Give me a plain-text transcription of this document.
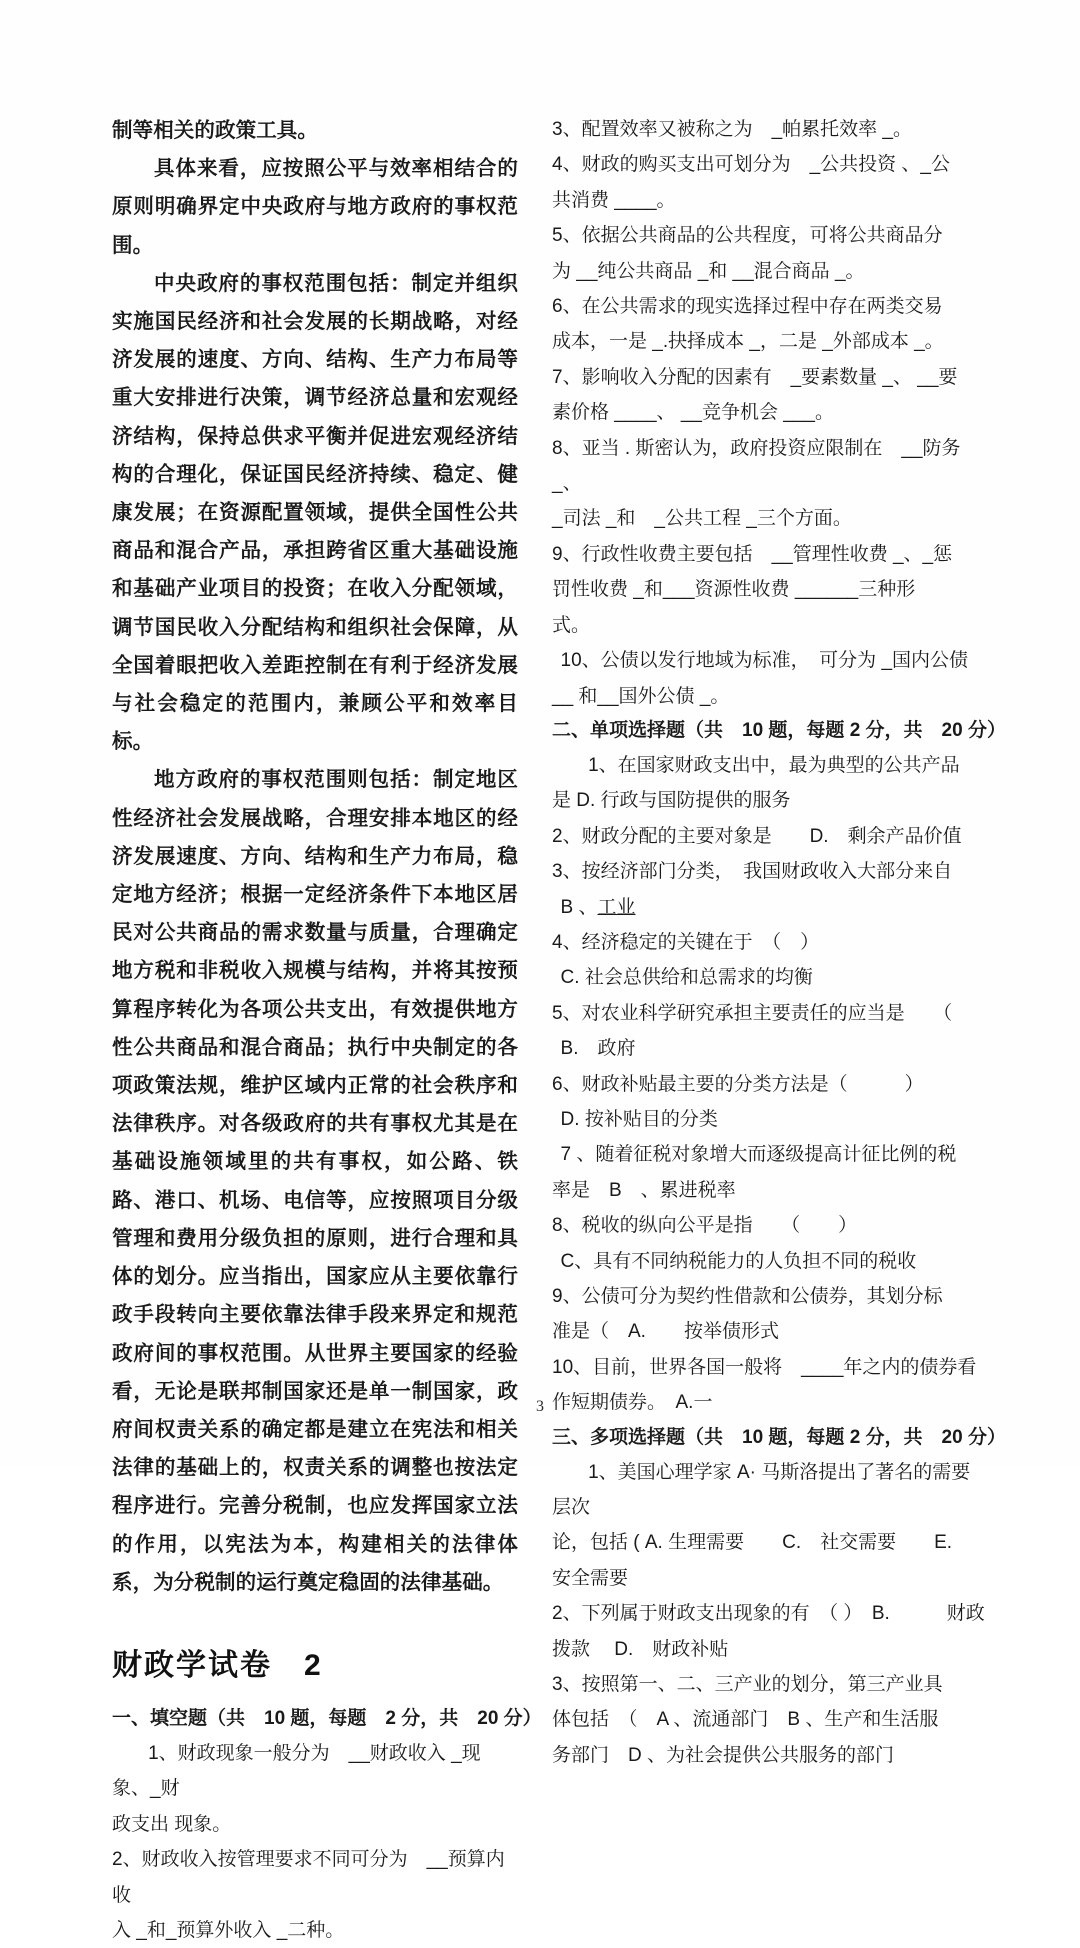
制等相关的政策工具。

具体来看，应按照公平与效率相结合的原则明确界定中央政府与地方政府的事权范围。

中央政府的事权范围包括：制定并组织实施国民经济和社会发展的长期战略，对经济发展的速度、方向、结构、生产力布局等重大安排进行决策，调节经济总量和宏观经济结构，保持总供求平衡并促进宏观经济结构的合理化，保证国民经济持续、稳定、健康发展；在资源配置领域，提供全国性公共商品和混合产品，承担跨省区重大基础设施和基础产业项目的投资；在收入分配领域，调节国民收入分配结构和组织社会保障，从全国着眼把收入差距控制在有利于经济发展与社会稳定的范围内，兼顾公平和效率目标。

地方政府的事权范围则包括：制定地区性经济社会发展战略，合理安排本地区的经济发展速度、方向、结构和生产力布局，稳定地方经济；根据一定经济条件下本地区居民对公共商品的需求数量与质量，合理确定地方税和非税收入规模与结构，并将其按预算程序转化为各项公共支出，有效提供地方性公共商品和混合商品；执行中央制定的各项政策法规，维护区域内正常的社会秩序和法律秩序。对各级政府的共有事权尤其是在基础设施领域里的共有事权，如公路、铁路、港口、机场、电信等，应按照项目分级管理和费用分级负担的原则，进行合理和具体的划分。应当指出，国家应从主要依靠行政手段转向主要依靠法律手段来界定和规范政府间的事权范围。从世界主要国家的经验看，无论是联邦制国家还是单一制国家，政府间权责关系的确定都是建立在宪法和相关法律的基础上的，权责关系的调整也按法定程序进行。完善分税制，也应发挥国家立法的作用，以宪法为本，构建相关的法律体系，为分税制的运行奠定稳固的法律基础。

财政学试卷　2

一、填空题（共　10 题，每题　2 分，共　20 分）

1、财政现象一般分为　__财政收入 _现象、_财

政支出 现象。

2、财政收入按管理要求不同可分为　__预算内收

入 _和_预算外收入 _二种。

3、配置效率又被称之为　_帕累托效率 _。

4、财政的购买支出可划分为　_公共投资 、_公

共消费 ____。

5、依据公共商品的公共程度，可将公共商品分

为 __纯公共商品 _和 __混合商品 _。

6、在公共需求的现实选择过程中存在两类交易

成本，一是 _.抉择成本 _，二是 _外部成本 _。

7、影响收入分配的因素有　_要素数量 _、 __要

素价格 ____、 __竞争机会 ___。

8、亚当 . 斯密认为，政府投资应限制在　__防务 _、

_司法 _和　_公共工程 _三个方面。

9、行政性收费主要包括　__管理性收费 _、_惩

罚性收费 _和___资源性收费 ______三种形

式。

10、公债以发行地域为标准，　可分为 _国内公债

__ 和__国外公债 _。

二、单项选择题（共　10 题，每题 2 分，共　20 分）

1、在国家财政支出中，最为典型的公共产品

是 D. 行政与国防提供的服务

2、财政分配的主要对象是　　D.　剩余产品价值

3、按经济部门分类，　我国财政收入大部分来自

B 、工业

4、经济稳定的关键在于　（　）

C. 社会总供给和总需求的均衡

5、对农业科学研究承担主要责任的应当是　　（

B.　政府

6、财政补贴最主要的分类方法是（　　　）

D. 按补贴目的分类

7 、随着征税对象增大而逐级提高计征比例的税

率是　B　、累进税率

8、税收的纵向公平是指　　（　　）

C、具有不同纳税能力的人负担不同的税收

9、公债可分为契约性借款和公债券，其划分标

准是（　A.　　按举债形式

10、目前，世界各国一般将　____年之内的债券看

作短期债券。　A.一

三、多项选择题（共　10 题，每题 2 分，共　20 分）

1、美国心理学家 A· 马斯洛提出了著名的需要层次

论，包括 ( A. 生理需要　　C.　社交需要　　E.

安全需要

2、下列属于财政支出现象的有　（ ）　B.　　　财政

拨款　 D.　财政补贴

3、按照第一、二、三产业的划分，第三产业具

体包括　（　A 、流通部门　B 、生产和生活服

务部门　D 、为社会提供公共服务的部门

3
